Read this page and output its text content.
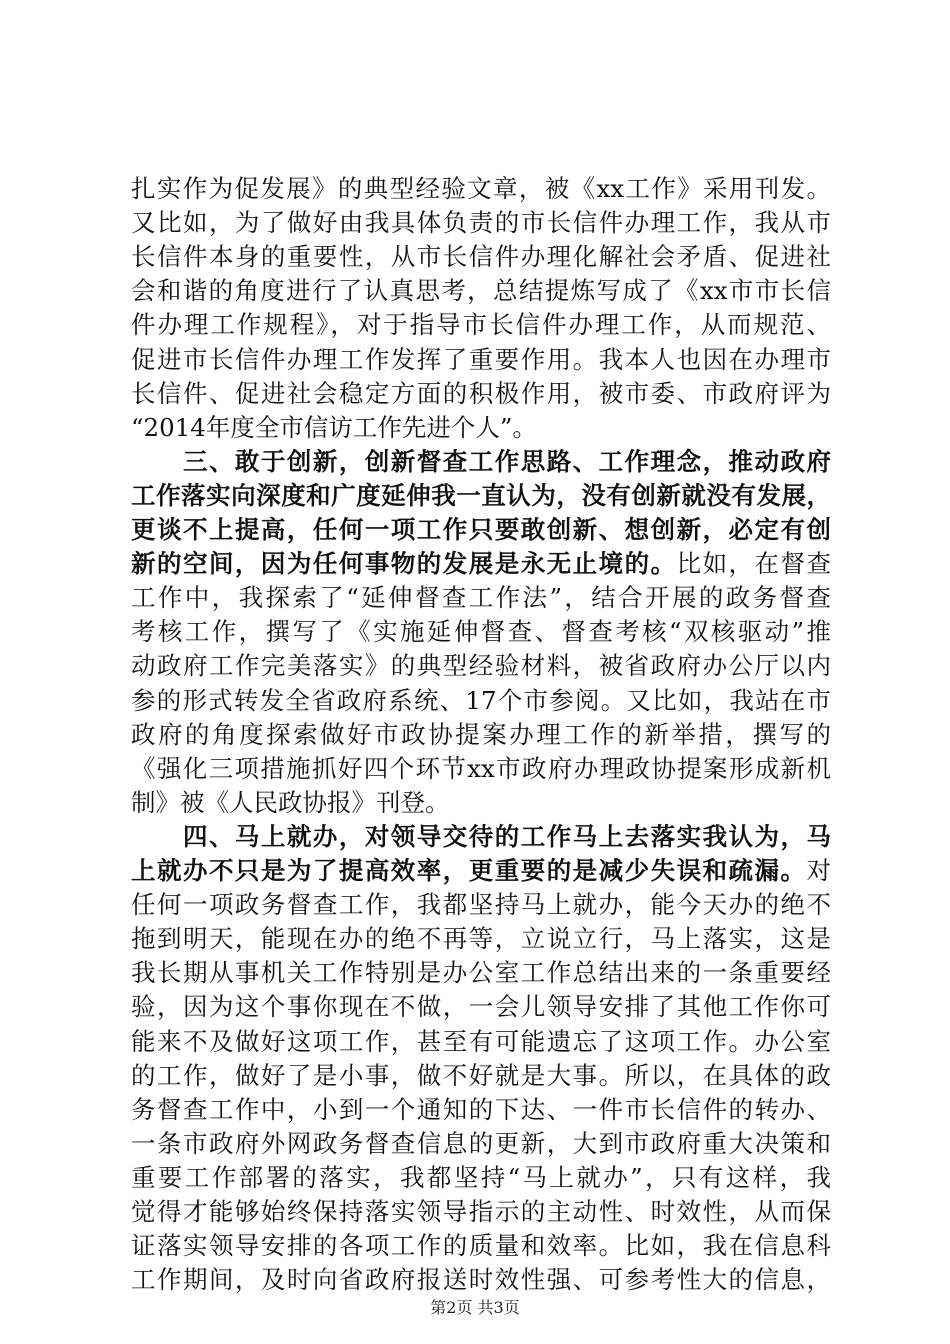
扎实作为促发展》的典型经验文章，被《xx工作》采用刊发。
又比如，为了做好由我具体负责的市长信件办理工作，我从市
长信件本身的重要性，从市长信件办理化解社会矛盾、促进社
会和谐的角度进行了认真思考，总结提炼写成了《xx市市长信
件办理工作规程》，对于指导市长信件办理工作，从而规范、
促进市长信件办理工作发挥了重要作用。我本人也因在办理市
长信件、促进社会稳定方面的积极作用，被市委、市政府评为
“2014年度全市信访工作先进个人”。
　　三、敢于创新，创新督查工作思路、工作理念，推动政府
工作落实向深度和广度延伸我一直认为，没有创新就没有发展，
更谈不上提高，任何一项工作只要敢创新、想创新，必定有创
新的空间，因为任何事物的发展是永无止境的。比如，在督查
工作中，我探索了“延伸督查工作法”，结合开展的政务督查
考核工作，撰写了《实施延伸督查、督查考核“双核驱动”推
动政府工作完美落实》的典型经验材料，被省政府办公厅以内
参的形式转发全省政府系统、17个市参阅。又比如，我站在市
政府的角度探索做好市政协提案办理工作的新举措，撰写的
《强化三项措施抓好四个环节xx市政府办理政协提案形成新机
制》被《人民政协报》刊登。
　　四、马上就办，对领导交待的工作马上去落实我认为，马
上就办不只是为了提高效率，更重要的是减少失误和疏漏。对
任何一项政务督查工作，我都坚持马上就办，能今天办的绝不
拖到明天，能现在办的绝不再等，立说立行，马上落实，这是
我长期从事机关工作特别是办公室工作总结出来的一条重要经
验，因为这个事你现在不做，一会儿领导安排了其他工作你可
能来不及做好这项工作，甚至有可能遗忘了这项工作。办公室
的工作，做好了是小事，做不好就是大事。所以，在具体的政
务督查工作中，小到一个通知的下达、一件市长信件的转办、
一条市政府外网政务督查信息的更新，大到市政府重大决策和
重要工作部署的落实，我都坚持“马上就办”，只有这样，我
觉得才能够始终保持落实领导指示的主动性、时效性，从而保
证落实领导安排的各项工作的质量和效率。比如，我在信息科
工作期间，及时向省政府报送时效性强、可参考性大的信息，
第2页 共3页
